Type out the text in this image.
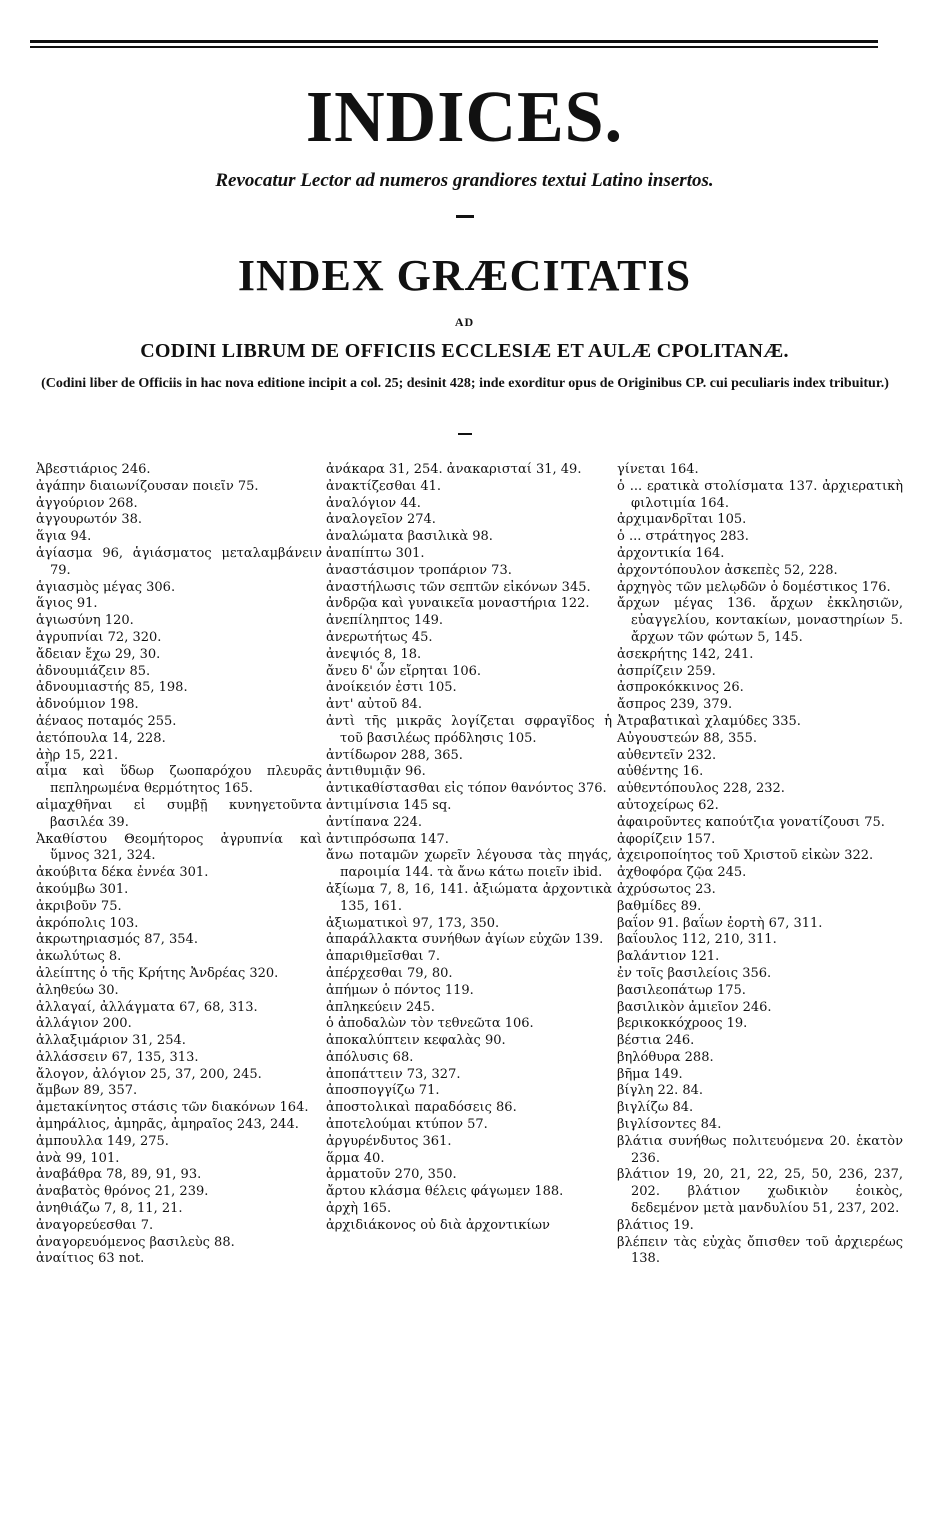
INDICES.
Revocatur Lector ad numeros grandiores textui Latino insertos.
INDEX GRÆCITATIS
AD
CODINI LIBRUM DE OFFICIIS ECCLESIÆ ET AULÆ CPOLITANÆ.
(Codini liber de Officiis in hac nova editione incipit a col. 25; desinit 428; inde exorditur opus de Originibus CP. cui peculiaris index tribuitur.)
Ἀβεστιάριος 246.
ἀγάπην διαιωνίζουσαν ποιεῖν 75.
ἀγγούριον 268.
ἀγγουρωτόν 38.
ἅγια 94.
ἁγίασμα 96, ἁγιάσματος μεταλαμβάνειν 79.
ἁγιασμὸς μέγας 306.
ἅγιος 91.
ἁγιωσύνη 120.
ἀγρυπνίαι 72, 320.
ἄδειαν ἔχω 29, 30.
ἀδνουμιάζειν 85.
ἀδνουμιαστής 85, 198.
ἀδνούμιον 198.
ἀέναος ποταμός 255.
ἀετόπουλα 14, 228.
ἀὴρ 15, 221.
αἷμα καὶ ὕδωρ ζωοπαρόχου πλευρᾶς πεπληρωμένα θερμότητος 165.
αἱμαχθῆναι εἰ συμβῇ κυνηγετοῦντα βασιλέα 39.
Ἀκαθίστου Θεομήτορος ἀγρυπνία καὶ ὕμνος 321, 324.
ἀκούβιτα δέκα ἐννέα 301.
ἀκούμβω 301.
ἀκριβοῦν 75.
ἀκρόπολις 103.
ἀκρωτηριασμός 87, 354.
ἀκωλύτως 8.
ἀλείπτης ὁ τῆς Κρήτης Ἀνδρέας 320.
ἀληθεύω 30.
ἀλλαγαί, ἀλλάγματα 67, 68, 313.
ἀλλάγιον 200.
ἀλλαξιμάριον 31, 254.
ἀλλάσσειν 67, 135, 313.
ἄλογον, ἀλόγιον 25, 37, 200, 245.
ἄμβων 89, 357.
ἀμετακίνητος στάσις τῶν διακόνων 164.
ἀμηράλιος, ἀμηρᾶς, ἀμηραῖος 243, 244.
ἀμπουλλα 149, 275.
ἀνὰ 99, 101.
ἀναβάθρα 78, 89, 91, 93.
ἀναβατὸς θρόνος 21, 239.
ἀνηθιάζω 7, 8, 11, 21.
ἀναγορεύεσθαι 7.
ἀναγορευόμενος βασιλεὺς 88.
ἀναίτιος 63 not.
ἀνάκαρα 31, 254. ἀνακαρισταί 31, 49.
ἀνακτίζεσθαι 41.
ἀναλόγιον 44.
ἀναλογεῖον 274.
ἀναλώματα βασιλικὰ 98.
ἀναπίπτω 301.
ἀναστάσιμον τροπάριον 73.
ἀναστήλωσις τῶν σεπτῶν εἰκόνων 345.
ἀνδρῷα καὶ γυναικεῖα μοναστήρια 122.
ἀνεπίληπτος 149.
ἀνερωτήτως 45.
ἀνεψιός 8, 18.
ἄνευ δ' ὧν εἴρηται 106.
ἀνοίκειόν ἐστι 105.
ἀντ' αὐτοῦ 84.
ἀντὶ τῆς μικρᾶς λογίζεται σφραγῖδος ἡ τοῦ βασιλέως πρόδλησις 105.
ἀντίδωρον 288, 365.
ἀντιθυμιᾷν 96.
ἀντικαθίστασθαι εἰς τόπον θανόντος 376.
ἀντιμίνσια 145 sq.
ἀντίπανα 224.
ἀντιπρόσωπα 147.
ἄνω ποταμῶν χωρεῖν λέγουσα τὰς πηγάς, παροιμία 144. τὰ ἄνω κάτω ποιεῖν ibid.
ἀξίωμα 7, 8, 16, 141. ἀξιώματα ἀρχοντικὰ 135, 161.
ἀξιωματικοὶ 97, 173, 350.
ἀπαράλλακτα συνήθων ἁγίων εὐχῶν 139.
ἀπαριθμεῖσθαι 7.
ἀπέρχεσθαι 79, 80.
ἀπήμων ὁ πόντος 119.
ἀπληκεύειν 245.
ὁ ἀποδαλὼν τὸν τεθνεῶτα 106.
ἀποκαλύπτειν κεφαλὰς 90.
ἀπόλυσις 68.
ἀποπάττειν 73, 327.
ἀποσπογγίζω 71.
ἀποστολικαὶ παραδόσεις 86.
ἀποτελούμαι κτύπον 57.
ἀργυρένδυτος 361.
ἅρμα 40.
ἀρματοῦν 270, 350.
ἄρτου κλάσμα θέλεις φάγωμεν 188.
ἀρχὴ 165.
ἀρχιδιάκονος οὐ διὰ ἀρχοντικίων
γίνεται 164.
ὁ ... ερατικὰ στολίσματα 137. ἀρχιερατικὴ φιλοτιμία 164.
ἀρχιμανδρῖται 105.
ὁ ... στράτηγος 283.
ἀρχοντικία 164.
ἀρχοντόπουλον ἀσκεπὲς 52, 228.
ἀρχηγὸς τῶν μελῳδῶν ὁ δομέστικος 176.
ἄρχων μέγας 136. ἄρχων ἐκκλησιῶν, εὐαγγελίου, κοντακίων, μοναστηρίων 5. ἄρχων τῶν φώτων 5, 145.
ἀσεκρήτης 142, 241.
ἀσπρίζειν 259.
ἀσπροκόκκινος 26.
ἄσπρος 239, 379.
Ἀτραβατικαὶ χλαμύδες 335.
Αὐγουστεών 88, 355.
αὐθεντεῖν 232.
αὐθέντης 16.
αὐθεντόπουλος 228, 232.
αὐτοχείρως 62.
ἀφαιροῦντες καπούτζια γονατίζουσι 75.
ἀφορίζειν 157.
ἀχειροποίητος τοῦ Χριστοῦ εἰκὼν 322.
ἀχθοφόρα ζῷα 245.
ἀχρύσωτος 23.
βαθμίδες 89.
βαΐον 91. βαΐων ἑορτὴ 67, 311.
βαΐουλος 112, 210, 311.
βαλάντιον 121.
ἐν τοῖς βασιλείοις 356.
βασιλεοπάτωρ 175.
βασιλικὸν ἀμιεῖον 246.
βερικοκκόχροος 19.
βέστια 246.
βηλόθυρα 288.
βῆμα 149.
βίγλη 22. 84.
βιγλίζω 84.
βιγλίσοντες 84.
βλάτια συνήθως πολιτευόμενα 20. ἑκατὸν 236.
βλάτιον 19, 20, 21, 22, 25, 50, 236, 237, 202. βλάτιον χωδικιὸν ἑοικὸς, δεδεμένον μετὰ μανδυλίου 51, 237, 202.
βλάτιος 19.
βλέπειν τὰς εὐχὰς ὄπισθεν τοῦ ἀρχιερέως 138.
